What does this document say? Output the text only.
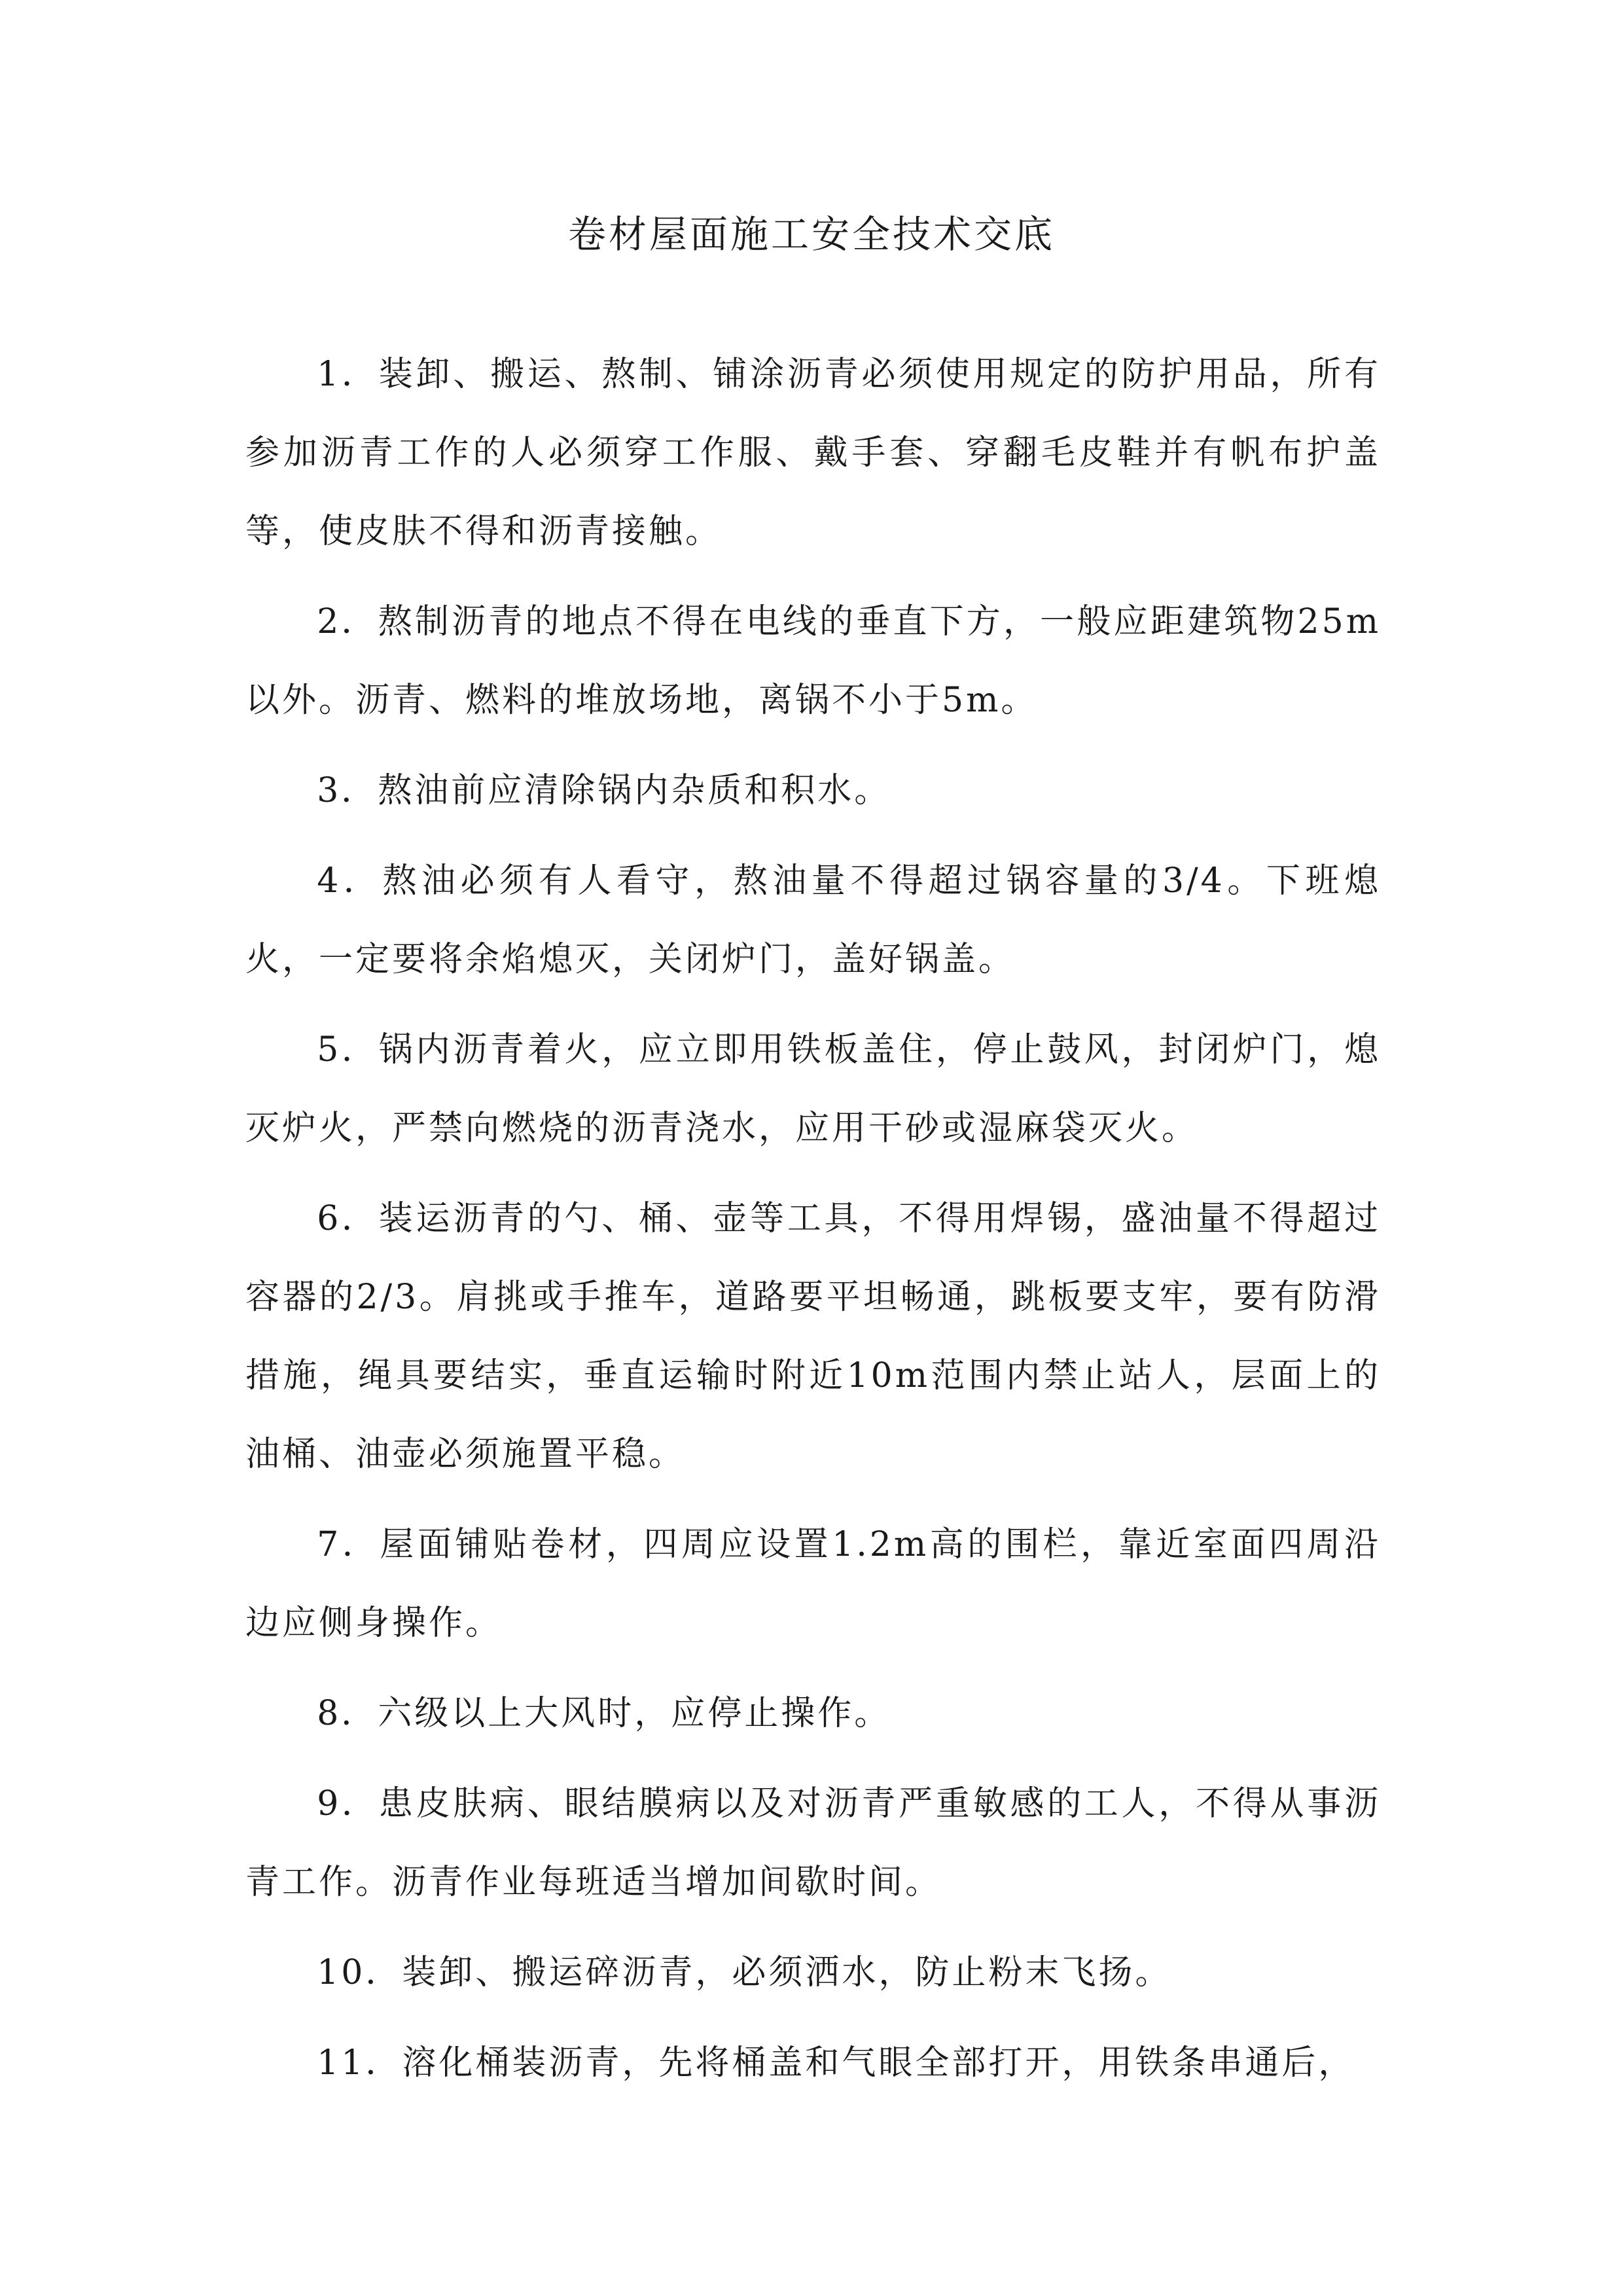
卷材屋面施工安全技术交底

1．装卸、搬运、熬制、铺涂沥青必须使用规定的防护用品，所有参加沥青工作的人必须穿工作服、戴手套、穿翻毛皮鞋并有帆布护盖等，使皮肤不得和沥青接触。

2．熬制沥青的地点不得在电线的垂直下方，一般应距建筑物25m以外。沥青、燃料的堆放场地，离锅不小于5m。

3．熬油前应清除锅内杂质和积水。

4．熬油必须有人看守，熬油量不得超过锅容量的3/4。下班熄火，一定要将余焰熄灭，关闭炉门，盖好锅盖。

5．锅内沥青着火，应立即用铁板盖住，停止鼓风，封闭炉门，熄灭炉火，严禁向燃烧的沥青浇水，应用干砂或湿麻袋灭火。

6．装运沥青的勺、桶、壶等工具，不得用焊锡，盛油量不得超过容器的2/3。肩挑或手推车，道路要平坦畅通，跳板要支牢，要有防滑措施，绳具要结实，垂直运输时附近10m范围内禁止站人，层面上的油桶、油壶必须施置平稳。

7．屋面铺贴卷材，四周应设置1.2m高的围栏，靠近室面四周沿边应侧身操作。

8．六级以上大风时，应停止操作。

9．患皮肤病、眼结膜病以及对沥青严重敏感的工人，不得从事沥青工作。沥青作业每班适当增加间歇时间。

10．装卸、搬运碎沥青，必须洒水，防止粉末飞扬。

11．溶化桶装沥青，先将桶盖和气眼全部打开，用铁条串通后，
